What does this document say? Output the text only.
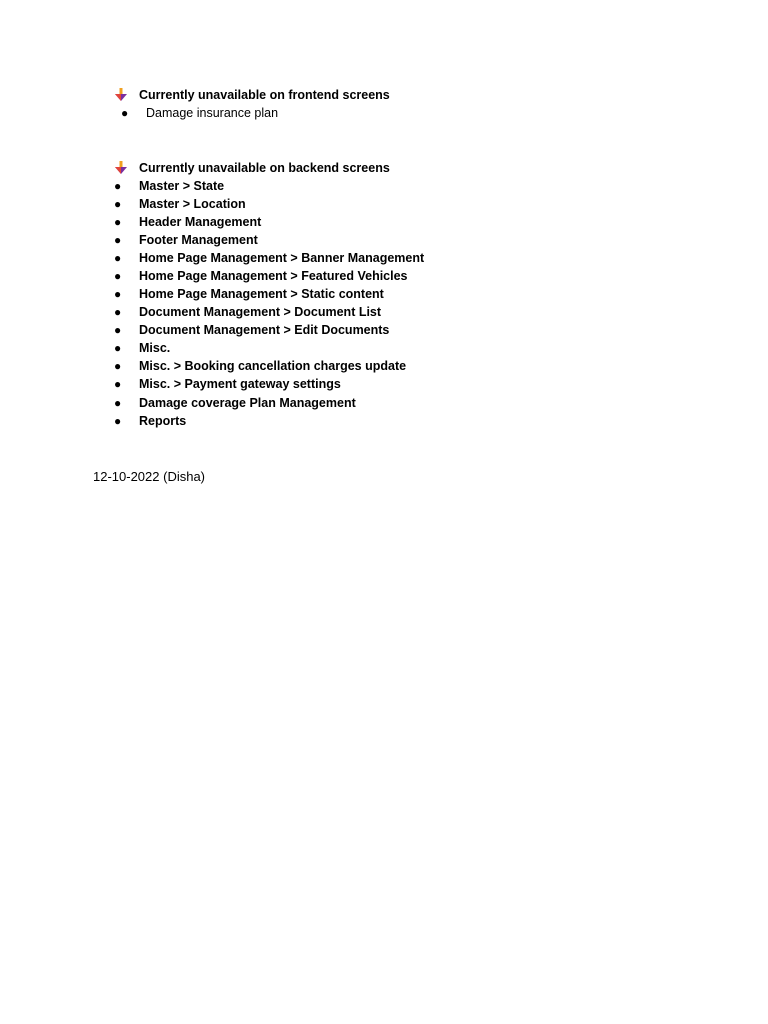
Currently unavailable on frontend screens
● Damage insurance plan
Currently unavailable on backend screens
● Master > State
● Master > Location
● Header Management
● Footer Management
● Home Page Management > Banner Management
● Home Page Management > Featured Vehicles
● Home Page Management > Static content
● Document Management > Document List
● Document Management > Edit Documents
● Misc.
● Misc. > Booking cancellation charges update
● Misc. > Payment gateway settings
● Damage coverage Plan Management
● Reports
12-10-2022 (Disha)
